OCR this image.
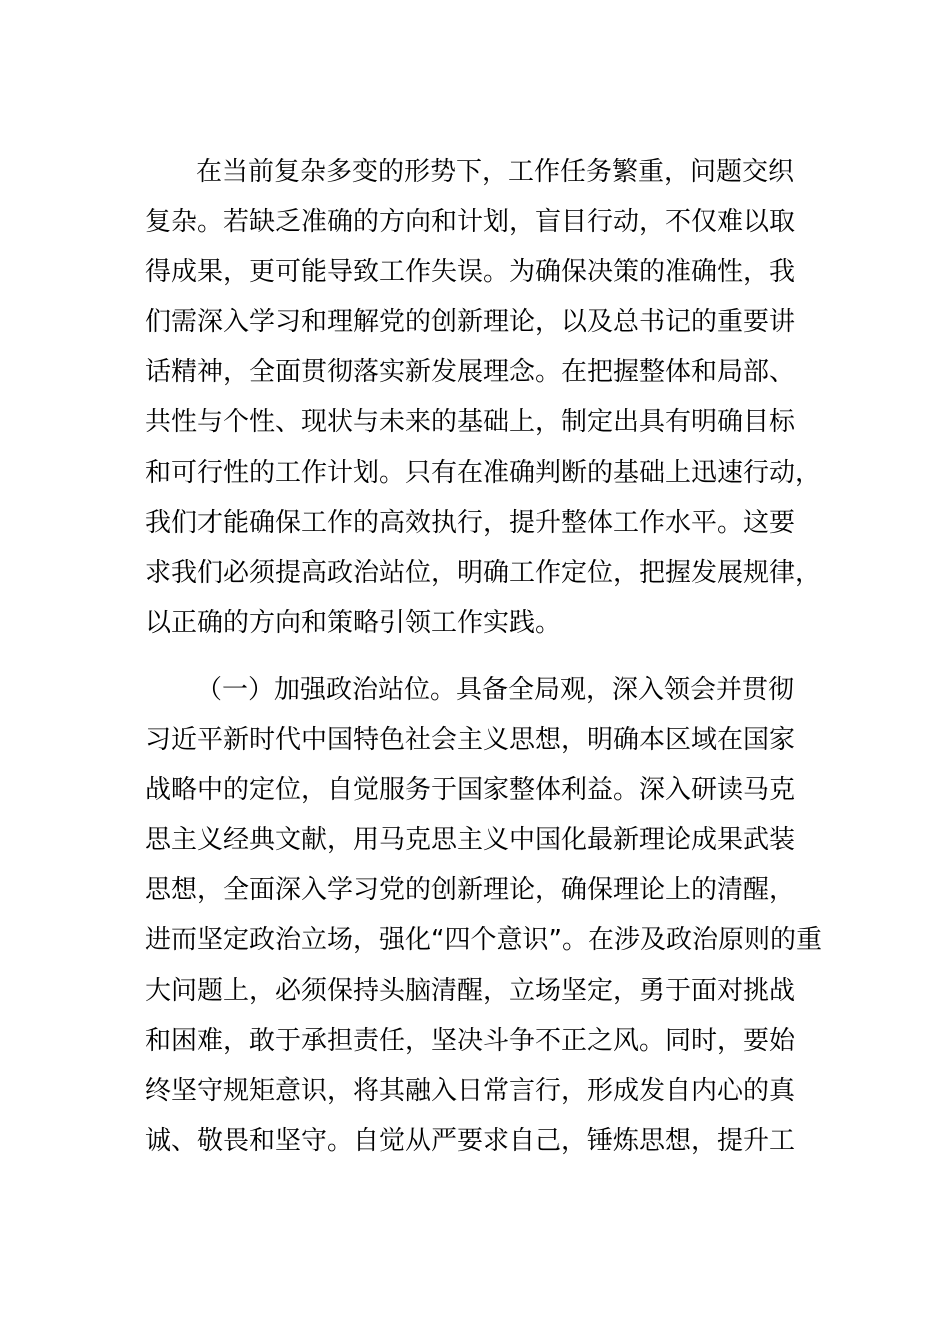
在当前复杂多变的形势下，工作任务繁重，问题交织
复杂。若缺乏准确的方向和计划，盲目行动，不仅难以取
得成果，更可能导致工作失误。为确保决策的准确性，我
们需深入学习和理解党的创新理论，以及总书记的重要讲
话精神，全面贯彻落实新发展理念。在把握整体和局部、
共性与个性、现状与未来的基础上，制定出具有明确目标
和可行性的工作计划。只有在准确判断的基础上迅速行动，
我们才能确保工作的高效执行，提升整体工作水平。这要
求我们必须提高政治站位，明确工作定位，把握发展规律，
以正确的方向和策略引领工作实践。
（一）加强政治站位。具备全局观，深入领会并贯彻
习近平新时代中国特色社会主义思想，明确本区域在国家
战略中的定位，自觉服务于国家整体利益。深入研读马克
思主义经典文献，用马克思主义中国化最新理论成果武装
思想，全面深入学习党的创新理论，确保理论上的清醒，
进而坚定政治立场，强化“四个意识”。在涉及政治原则的重
大问题上，必须保持头脑清醒，立场坚定，勇于面对挑战
和困难，敢于承担责任，坚决斗争不正之风。同时，要始
终坚守规矩意识，将其融入日常言行，形成发自内心的真
诚、敬畏和坚守。自觉从严要求自己，锤炼思想，提升工
